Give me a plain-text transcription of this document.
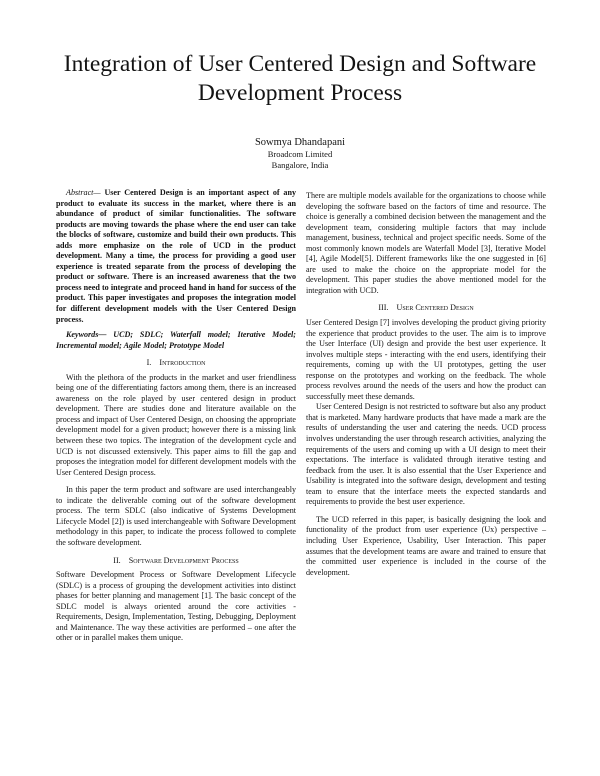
Integration of User Centered Design and Software Development Process
Sowmya Dhandapani
Broadcom Limited
Bangalore, India

Abstract— User Centered Design is an important aspect of any product to evaluate its success in the market, where there is an abundance of product of similar functionalities. The software products are moving towards the phase where the end user can take the blocks of software, customize and build their own products. This adds more emphasize on the role of UCD in the product development. Many a time, the process for providing a good user experience is treated separate from the process of developing the product or software. There is an increased awareness that the two process need to integrate and proceed hand in hand for success of the product. This paper investigates and proposes the integration model for different development models with the User Centered Design process.

Keywords— UCD; SDLC; Waterfall model; Iterative Model; Incremental model; Agile Model; Prototype Model

I. Introduction

With the plethora of the products in the market and user friendliness being one of the differentiating factors among them, there is an increased awareness on the role played by user centered design in product development. There are studies done and literature available on the process and impact of User Centered Design, on choosing the appropriate development model for a given product; however there is a missing link between these two topics. The integration of the development cycle and UCD is not discussed extensively. This paper aims to fill the gap and proposes the integration model for different development models with the User Centered Design process.

In this paper the term product and software are used interchangeably to indicate the deliverable coming out of the software development process. The term SDLC (also indicative of Systems Development Lifecycle Model [2]) is used interchangeable with Software Development methodology in this paper, to indicate the process followed to complete the software development.

II. Software Development Process

Software Development Process or Software Development Lifecycle (SDLC) is a process of grouping the development activities into distinct phases for better planning and management [1]. The basic concept of the SDLC model is always oriented around the core activities - Requirements, Design, Implementation, Testing, Debugging, Deployment and Maintenance. The way these activities are performed – one after the other or in parallel makes them unique.

There are multiple models available for the organizations to choose while developing the software based on the factors of time and resource. The choice is generally a combined decision between the management and the development team, considering multiple factors that may include management, business, technical and project specific needs. Some of the most commonly known models are Waterfall Model [3], Iterative Model [4], Agile Model[5]. Different frameworks like the one suggested in [6] are used to make the choice on the appropriate model for the development. This paper studies the above mentioned model for the integration with UCD.

III. User Centered Design

User Centered Design [7] involves developing the product giving priority the experience that product provides to the user. The aim is to improve the User Interface (UI) design and provide the best user experience. It involves multiple steps - interacting with the end users, identifying their requirements, coming up with the UI prototypes, getting the user response on the prototypes and working on the feedback. The whole process revolves around the needs of the users and how the product can successfully meet these demands.

User Centered Design is not restricted to software but also any product that is marketed. Many hardware products that have made a mark are the results of understanding the user and catering the needs. UCD process involves understanding the user through research activities, analyzing the requirements of the users and coming up with a UI design to meet their expectations. The interface is validated through iterative testing and feedback from the user. It is also essential that the User Experience and Usability is integrated into the software design, development and testing team to ensure that the interface meets the expected standards and requirements to provide the best user experience.

The UCD referred in this paper, is basically designing the look and functionality of the product from user experience (Ux) perspective – including User Experience, Usability, User Interaction. This paper assumes that the development teams are aware and trained to ensure that the committed user experience is included in the course of the development.
